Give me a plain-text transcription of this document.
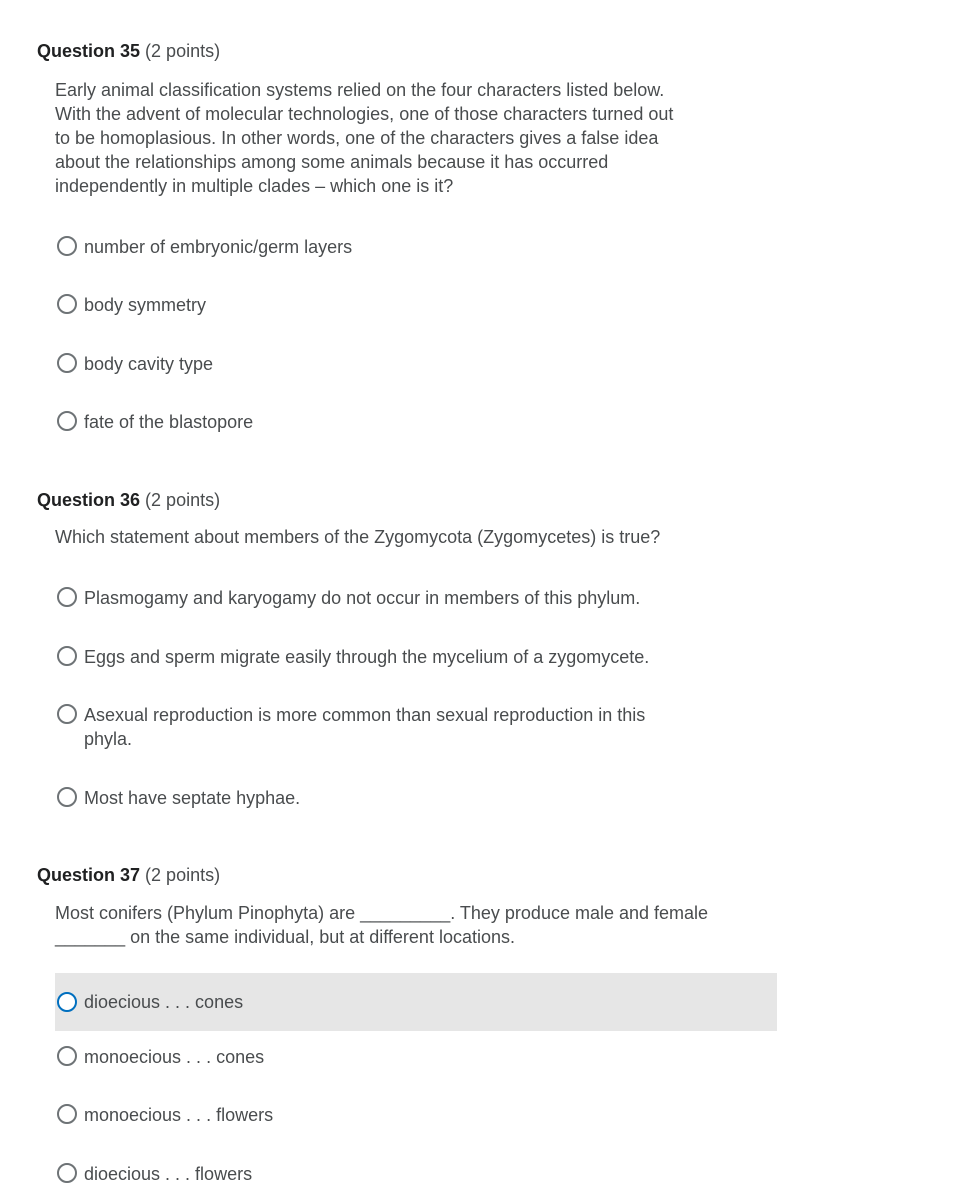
Question 35 (2 points)

Early animal classification systems relied on the four characters listed below.
With the advent of molecular technologies, one of those characters turned out
to be homoplasious. In other words, one of the characters gives a false idea
about the relationships among some animals because it has occurred
independently in multiple clades – which one is it?

number of embryonic/germ layers
body symmetry
body cavity type
fate of the blastopore
Question 36 (2 points)

Which statement about members of the Zygomycota (Zygomycetes) is true?

Plasmogamy and karyogamy do not occur in members of this phylum.
Eggs and sperm migrate easily through the mycelium of a zygomycete.
Asexual reproduction is more common than sexual reproduction in this
phyla.
Most have septate hyphae.
Question 37 (2 points)

Most conifers (Phylum Pinophyta) are _________. They produce male and female
_______ on the same individual, but at different locations.

dioecious . . . cones
monoecious . . . cones
monoecious . . . flowers
dioecious . . . flowers
